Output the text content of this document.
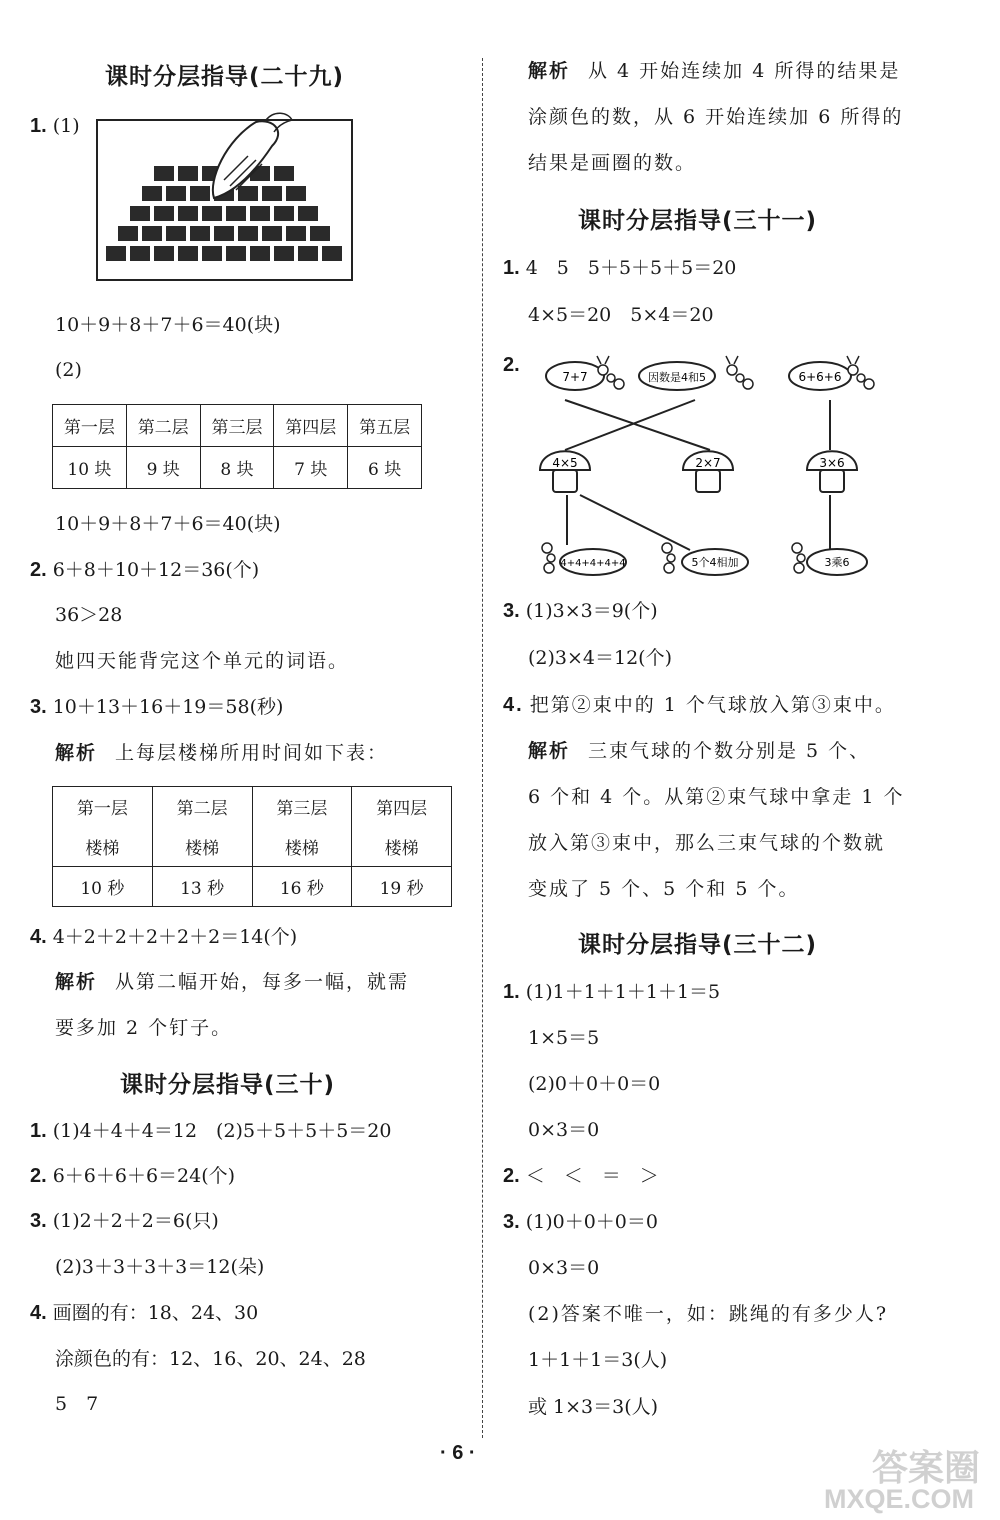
课时分层指导(二十九)
1. (1)
10＋9＋8＋7＋6＝40(块)
(2)
第一层	第二层	第三层	第四层	第五层
10 块	9 块	8 块	7 块	6 块
10＋9＋8＋7＋6＝40(块)
2. 6＋8＋10＋12＝36(个)
36＞28
她四天能背完这个单元的词语。
3. 10＋13＋16＋19＝58(秒)
解析 上每层楼梯所用时间如下表：
第一层	第二层	第三层	第四层
楼梯	楼梯	楼梯	楼梯
10 秒	13 秒	16 秒	19 秒
4. 4＋2＋2＋2＋2＋2＝14(个)
解析 从第二幅开始，每多一幅，就需
要多加 2 个钉子。
课时分层指导(三十)
1. (1)4＋4＋4＝12　(2)5＋5＋5＋5＝20
2. 6＋6＋6＋6＝24(个)
3. (1)2＋2＋2＝6(只)
(2)3＋3＋3＋3＝12(朵)
4. 画圈的有：18、24、30
涂颜色的有：12、16、20、24、28
5　7
解析 从 4 开始连续加 4 所得的结果是
涂颜色的数，从 6 开始连续加 6 所得的
结果是画圈的数。
课时分层指导(三十一)
1. 4　5　5＋5＋5＋5＝20
4×5＝20　5×4＝20
2.
7+7	因数是4和5	6+6+6
4×5	2×7	3×6
4+4+4+4+4	5个4相加	3乘6
3. (1)3×3＝9(个)
(2)3×4＝12(个)
4. 把第②束中的 1 个气球放入第③束中。
解析 三束气球的个数分别是 5 个、
6 个和 4 个。从第②束气球中拿走 1 个
放入第③束中，那么三束气球的个数就
变成了 5 个、5 个和 5 个。
课时分层指导(三十二)
1. (1)1＋1＋1＋1＋1＝5
1×5＝5
(2)0＋0＋0＝0
0×3＝0
2. ＜　＜　＝　＞
3. (1)0＋0＋0＝0
0×3＝0
(2)答案不唯一，如：跳绳的有多少人?
1＋1＋1＝3(人)
或 1×3＝3(人)
· 6 ·	答案圈
MXQE.COM
